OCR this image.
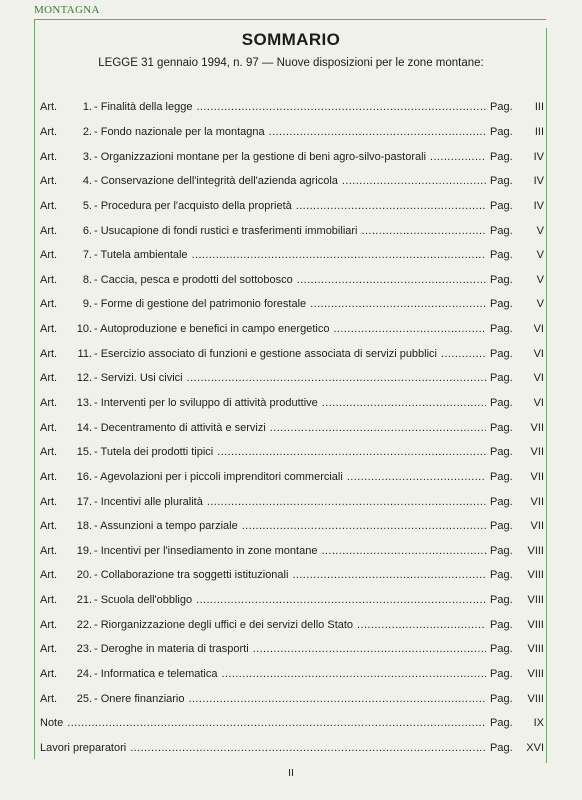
MONTAGNA
SOMMARIO
LEGGE 31 gennaio 1994, n. 97 — Nuove disposizioni per le zone montane:
Art.	1. - Finalità della legge .....	Pag.	III
Art.	2. - Fondo nazionale per la montagna .....	Pag.	III
Art.	3. - Organizzazioni montane per la gestione di beni agro-silvo-pastorali .....	Pag.	IV
Art.	4. - Conservazione dell'integrità dell'azienda agricola .....	Pag.	IV
Art.	5. - Procedura per l'acquisto della proprietà .....	Pag.	IV
Art.	6. - Usucapione di fondi rustici e trasferimenti immobiliari .....	Pag.	V
Art.	7. - Tutela ambientale .....	Pag.	V
Art.	8. - Caccia, pesca e prodotti del sottobosco .....	Pag.	V
Art.	9. - Forme di gestione del patrimonio forestale .....	Pag.	V
Art.	10. - Autoproduzione e benefici in campo energetico .....	Pag.	VI
Art.	11. - Esercizio associato di funzioni e gestione associata di servizi pubblici .....	Pag.	VI
Art.	12. - Servizi. Usi civici .....	Pag.	VI
Art.	13. - Interventi per lo sviluppo di attività produttive .....	Pag.	VI
Art.	14. - Decentramento di attività e servizi .....	Pag.	VII
Art.	15. - Tutela dei prodotti tipici .....	Pag.	VII
Art.	16. - Agevolazioni per i piccoli imprenditori commerciali .....	Pag.	VII
Art.	17. - Incentivi alle pluralità .....	Pag.	VII
Art.	18. - Assunzioni a tempo parziale .....	Pag.	VII
Art.	19. - Incentivi per l'insediamento in zone montane .....	Pag.	VIII
Art.	20. - Collaborazione tra soggetti istituzionali .....	Pag.	VIII
Art.	21. - Scuola dell'obbligo .....	Pag.	VIII
Art.	22. - Riorganizzazione degli uffici e dei servizi dello Stato .....	Pag.	VIII
Art.	23. - Deroghe in materia di trasporti .....	Pag.	VIII
Art.	24. - Informatica e telematica .....	Pag.	VIII
Art.	25. - Onere finanziario .....	Pag.	VIII
Note .....	Pag.	IX
Lavori preparatori .....	Pag.	XVI
II
